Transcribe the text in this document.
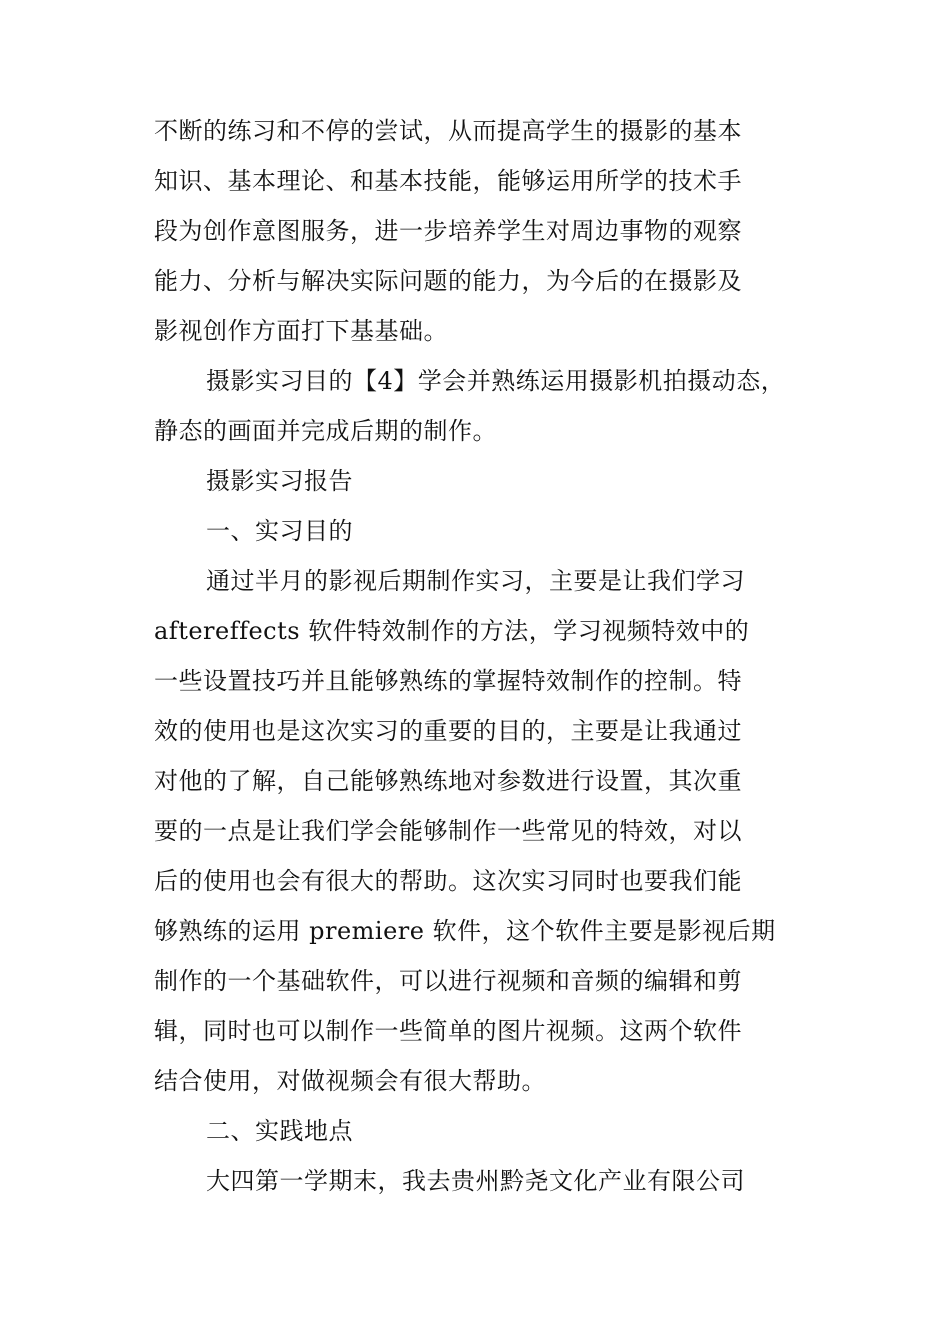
不断的练习和不停的尝试，从而提高学生的摄影的基本
知识、基本理论、和基本技能，能够运用所学的技术手
段为创作意图服务，进一步培养学生对周边事物的观察
能力、分析与解决实际问题的能力，为今后的在摄影及
影视创作方面打下基基础。
摄影实习目的【4】学会并熟练运用摄影机拍摄动态，
静态的画面并完成后期的制作。
摄影实习报告
一、实习目的
通过半月的影视后期制作实习，主要是让我们学习
aftereffects 软件特效制作的方法，学习视频特效中的
一些设置技巧并且能够熟练的掌握特效制作的控制。特
效的使用也是这次实习的重要的目的，主要是让我通过
对他的了解，自己能够熟练地对参数进行设置，其次重
要的一点是让我们学会能够制作一些常见的特效，对以
后的使用也会有很大的帮助。这次实习同时也要我们能
够熟练的运用 premiere 软件，这个软件主要是影视后期
制作的一个基础软件，可以进行视频和音频的编辑和剪
辑，同时也可以制作一些简单的图片视频。这两个软件
结合使用，对做视频会有很大帮助。
二、实践地点
大四第一学期末，我去贵州黔尧文化产业有限公司
